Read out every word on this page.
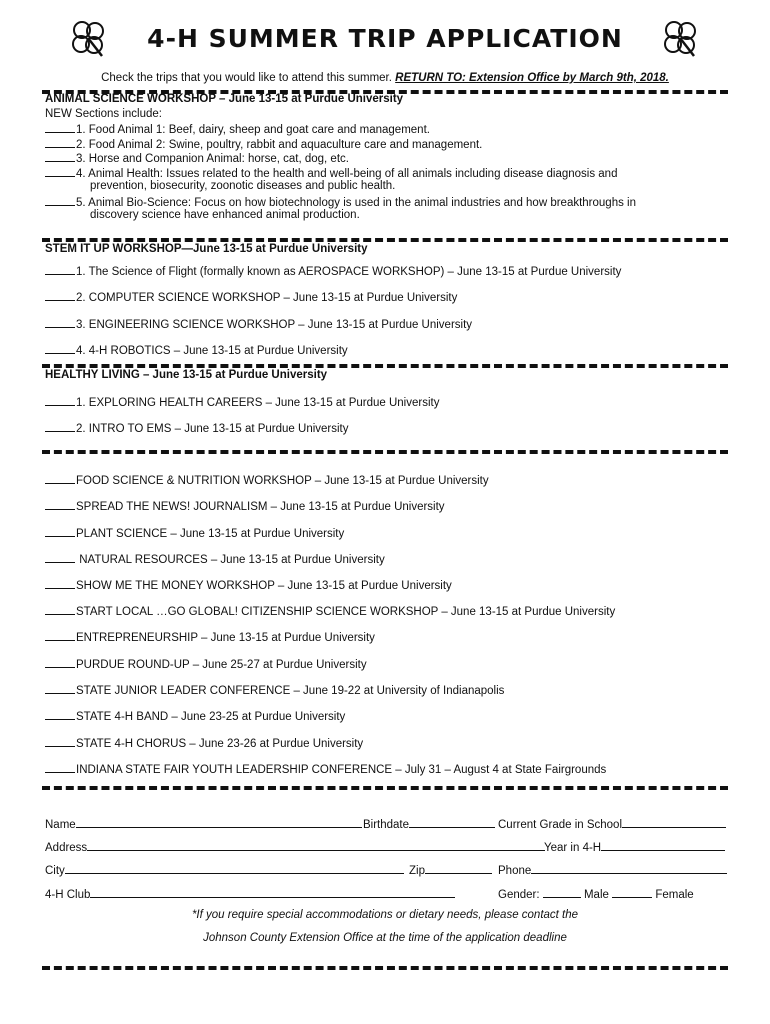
4-H SUMMER TRIP APPLICATION
Check the trips that you would like to attend this summer. RETURN TO: Extension Office by March 9th, 2018.
ANIMAL SCIENCE WORKSHOP – June 13-15 at Purdue University
NEW Sections include:
1. Food Animal 1: Beef, dairy, sheep and goat care and management.
2. Food Animal 2: Swine, poultry, rabbit and aquaculture care and management.
3. Horse and Companion Animal: horse, cat, dog, etc.
4. Animal Health: Issues related to the health and well-being of all animals including disease diagnosis and
prevention, biosecurity, zoonotic diseases and public health.
5. Animal Bio-Science: Focus on how biotechnology is used in the animal industries and how breakthroughs in
discovery science have enhanced animal production.
STEM IT UP WORKSHOP—June 13-15 at Purdue University
1. The Science of Flight (formally known as AEROSPACE WORKSHOP) – June 13-15 at Purdue University
2. COMPUTER SCIENCE WORKSHOP – June 13-15 at Purdue University
3. ENGINEERING SCIENCE WORKSHOP – June 13-15 at Purdue University
4. 4-H ROBOTICS – June 13-15 at Purdue University
HEALTHY LIVING – June 13-15 at Purdue University
1. EXPLORING HEALTH CAREERS – June 13-15 at Purdue University
2. INTRO TO EMS – June 13-15 at Purdue University
FOOD SCIENCE & NUTRITION WORKSHOP – June 13-15 at Purdue University
SPREAD THE NEWS! JOURNALISM – June 13-15 at Purdue University
PLANT SCIENCE – June 13-15 at Purdue University
NATURAL RESOURCES – June 13-15 at Purdue University
SHOW ME THE MONEY WORKSHOP – June 13-15 at Purdue University
START LOCAL …GO GLOBAL! CITIZENSHIP SCIENCE WORKSHOP – June 13-15 at Purdue University
ENTREPRENEURSHIP – June 13-15 at Purdue University
PURDUE ROUND-UP – June 25-27 at Purdue University
STATE JUNIOR LEADER CONFERENCE – June 19-22 at University of Indianapolis
STATE 4-H BAND – June 23-25 at Purdue University
STATE 4-H CHORUS – June 23-26 at Purdue University
INDIANA STATE FAIR YOUTH LEADERSHIP CONFERENCE – July 31 – August 4 at State Fairgrounds
Name	Birthdate	Current Grade in School
Address	Year in 4-H
City	Zip	Phone
4-H Club	Gender:	Male	Female
*If you require special accommodations or dietary needs, please contact the
Johnson County Extension Office at the time of the application deadline
